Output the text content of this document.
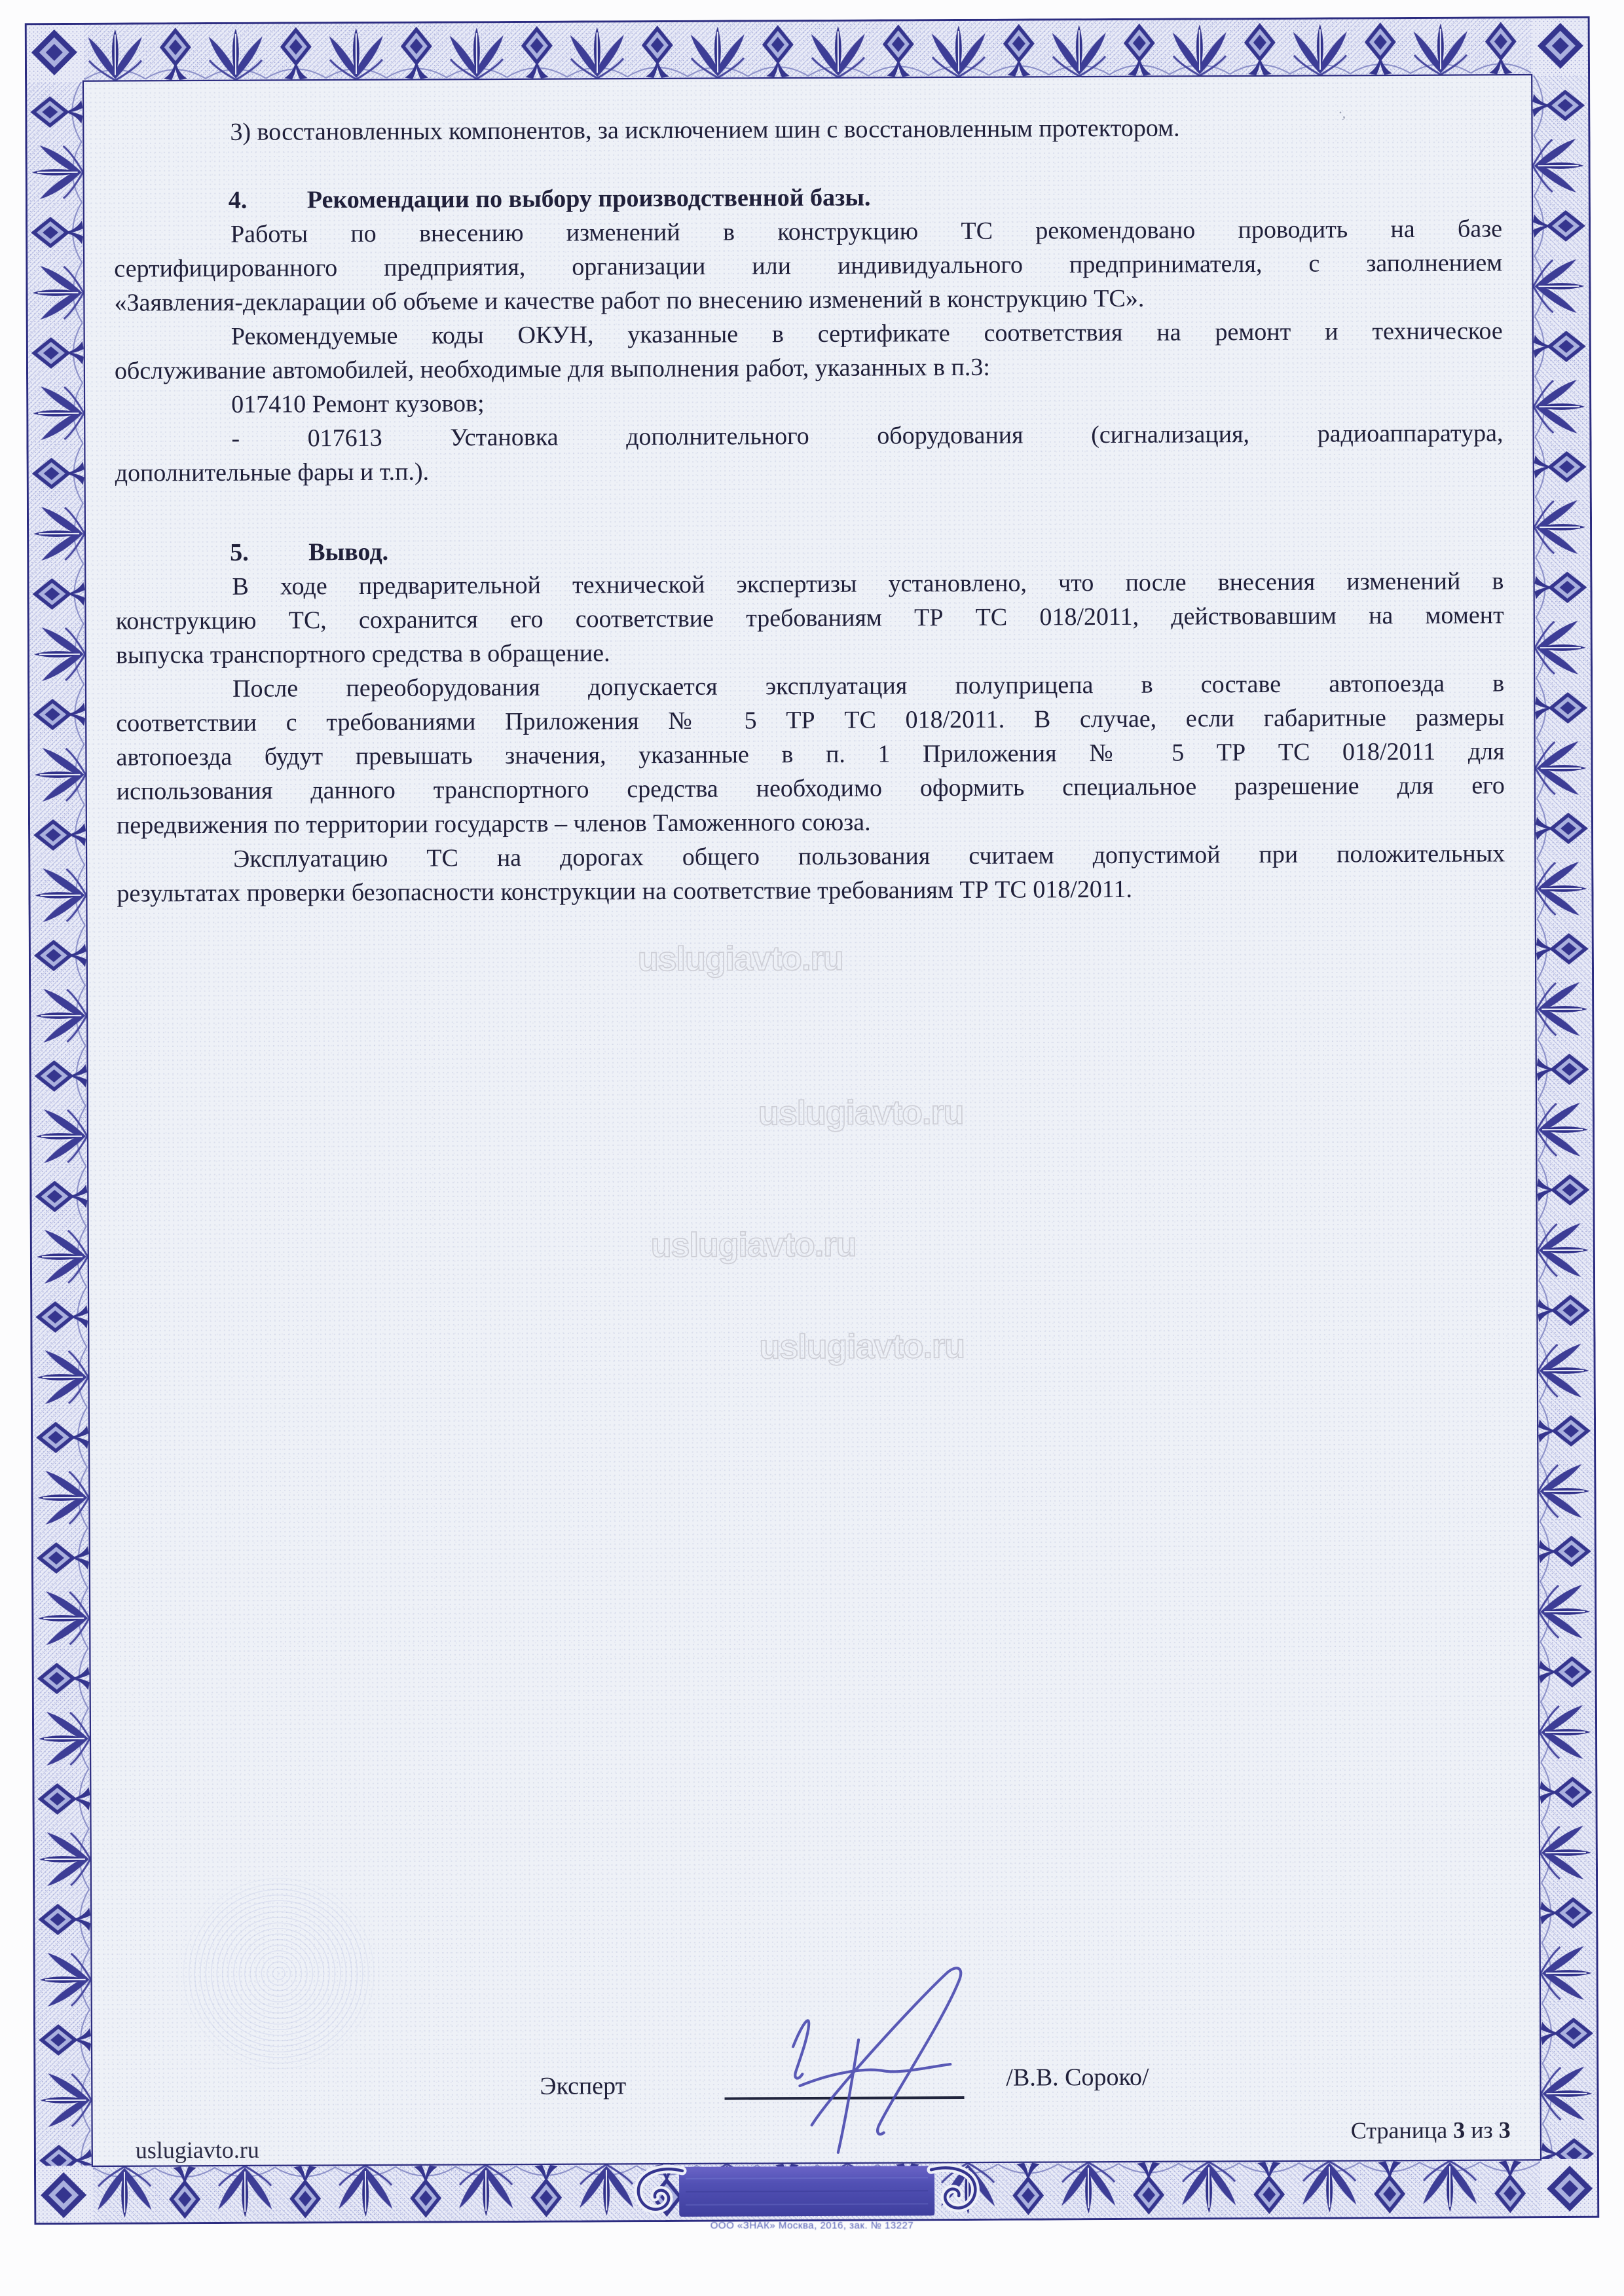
uslugiavto.ru
uslugiavto.ru
uslugiavto.ru
uslugiavto.ru
·,
3) восстановленных компонентов, за исключением шин с восстановленным протектором.
4. Рекомендации по выбору производственной базы.
Работы по внесению изменений в конструкцию ТС рекомендовано проводить на базе
сертифицированного предприятия, организации или индивидуального предпринимателя, с заполнением
«Заявления-декларации об объеме и качестве работ по внесению изменений в конструкцию ТС».
Рекомендуемые коды ОКУН, указанные в сертификате соответствия на ремонт и техническое
обслуживание автомобилей, необходимые для выполнения работ, указанных в п.3:
017410 Ремонт кузовов;
- 017613 Установка дополнительного оборудования (сигнализация, радиоаппаратура,
дополнительные фары и т.п.).
5. Вывод.
В ходе предварительной технической экспертизы установлено, что после внесения изменений в
конструкцию ТС, сохранится его соответствие требованиям ТР ТС 018/2011, действовавшим на момент
выпуска транспортного средства в обращение.
После переоборудования допускается эксплуатация полуприцепа в составе автопоезда в
соответствии с требованиями Приложения № 5 ТР ТС 018/2011. В случае, если габаритные размеры
автопоезда будут превышать значения, указанные в п. 1 Приложения № 5 ТР ТС 018/2011 для
использования данного транспортного средства необходимо оформить специальное разрешение для его
передвижения по территории государств – членов Таможенного союза.
Эксплуатацию ТС на дорогах общего пользования считаем допустимой при положительных
результатах проверки безопасности конструкции на соответствие требованиям ТР ТС 018/2011.
Эксперт	/В.В. Сороко/
Страница 3 из 3
uslugiavto.ru
ООО «ЗНАК» Москва, 2016, зак. № 13227
